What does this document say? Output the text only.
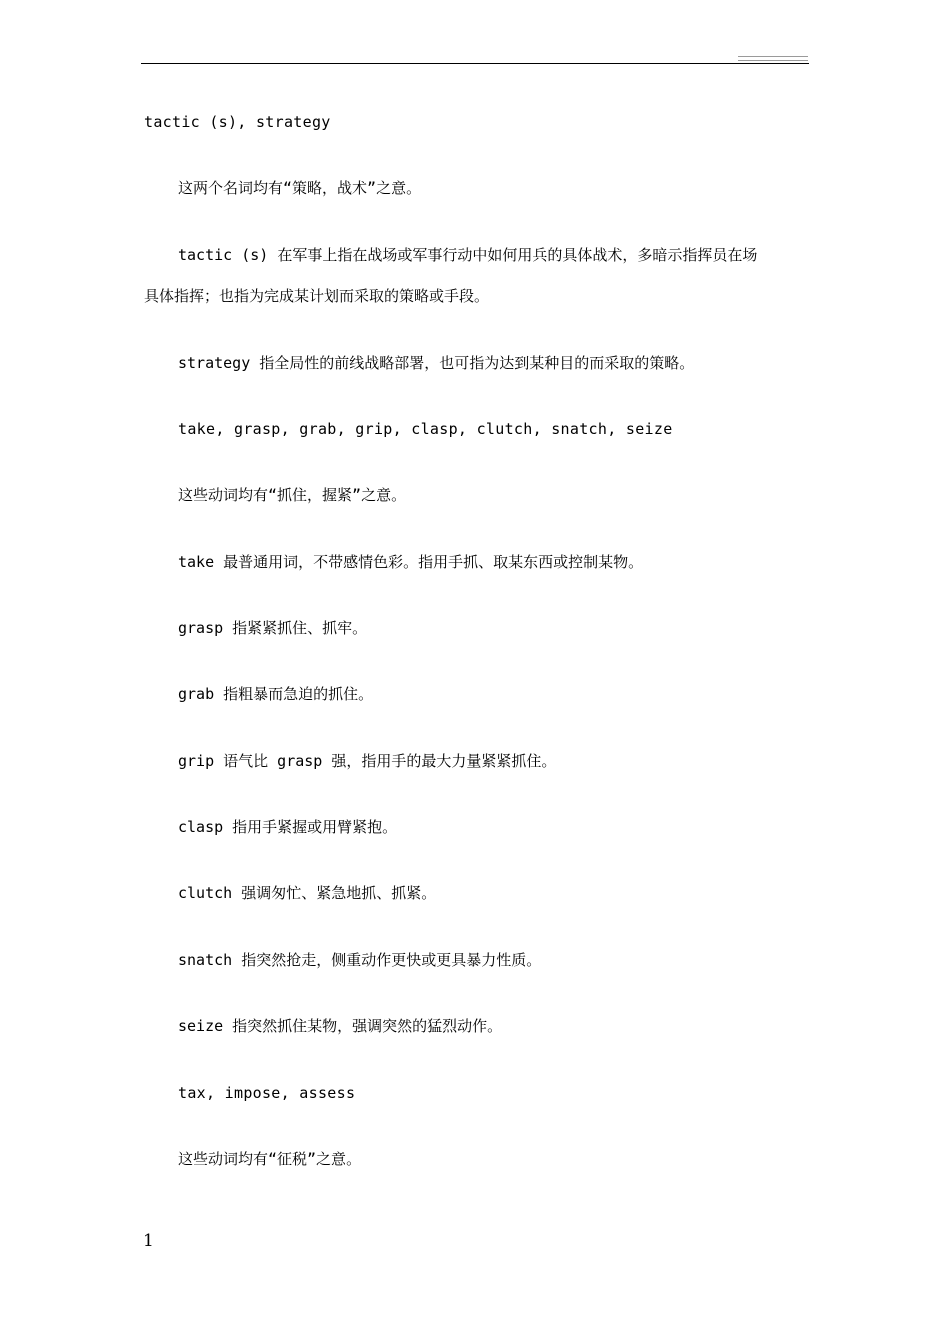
tactic (s), strategy
这两个名词均有“策略，战术”之意。
tactic (s) 在军事上指在战场或军事行动中如何用兵的具体战术，多暗示指挥员在场
具体指挥；也指为完成某计划而采取的策略或手段。
strategy 指全局性的前线战略部署，也可指为达到某种目的而采取的策略。
take, grasp, grab, grip, clasp, clutch, snatch, seize
这些动词均有“抓住，握紧”之意。
take 最普通用词，不带感情色彩。指用手抓、取某东西或控制某物。
grasp 指紧紧抓住、抓牢。
grab 指粗暴而急迫的抓住。
grip 语气比 grasp 强，指用手的最大力量紧紧抓住。
clasp 指用手紧握或用臂紧抱。
clutch 强调匆忙、紧急地抓、抓紧。
snatch 指突然抢走，侧重动作更快或更具暴力性质。
seize 指突然抓住某物，强调突然的猛烈动作。
tax, impose, assess
这些动词均有“征税”之意。
1
